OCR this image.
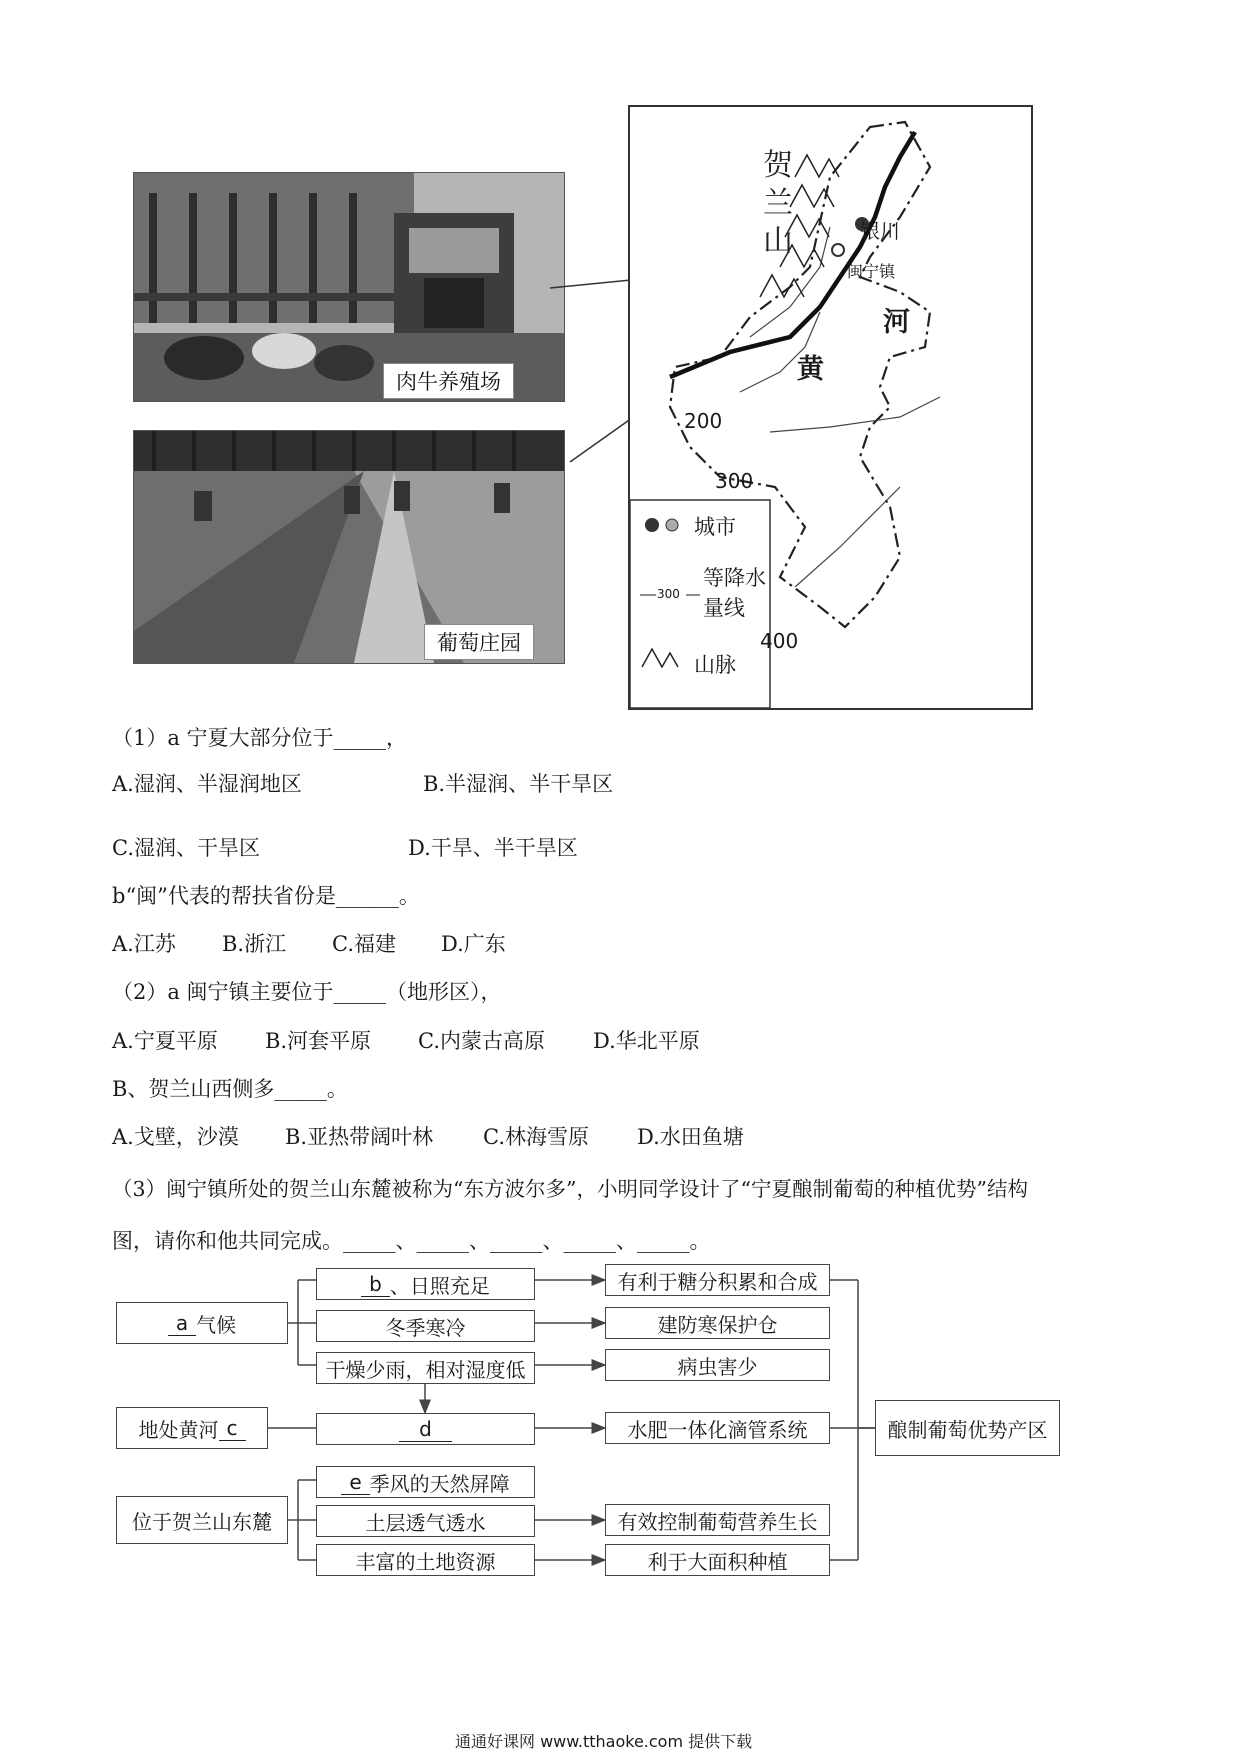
肉牛养殖场
葡萄庄园
贺
兰
山	银川
闽宁镇
河
黄
200
300
400
城市
300
等降水
量线
山脉
（1）a 宁夏大部分位于_____，
A.湿润、半湿润地区	B.半湿润、半干旱区
C.湿润、干旱区	D.干旱、半干旱区
b“闽”代表的帮扶省份是______。
A.江苏 B.浙江 C.福建 D.广东
（2）a 闽宁镇主要位于_____（地形区），
A.宁夏平原 B.河套平原 C.内蒙古高原 D.华北平原
B、贺兰山西侧多_____。
A.戈壁，沙漠 B.亚热带阔叶林 C.林海雪原 D.水田鱼塘
（3）闽宁镇所处的贺兰山东麓被称为“东方波尔多”，小明同学设计了“宁夏酿制葡萄的种植优势”结构
图，请你和他共同完成。_____、_____、_____、_____、_____。
a 气候
地处黄河 c
位于贺兰山东麓
b 、日照充足
冬季寒冷
干燥少雨，相对湿度低
d
e 季风的天然屏障
土层透气透水
丰富的土地资源
有利于糖分积累和合成
建防寒保护仓
病虫害少
水肥一体化滴管系统
有效控制葡萄营养生长
利于大面积种植
酿制葡萄优势产区
通通好课网 www.tthaoke.com 提供下载
